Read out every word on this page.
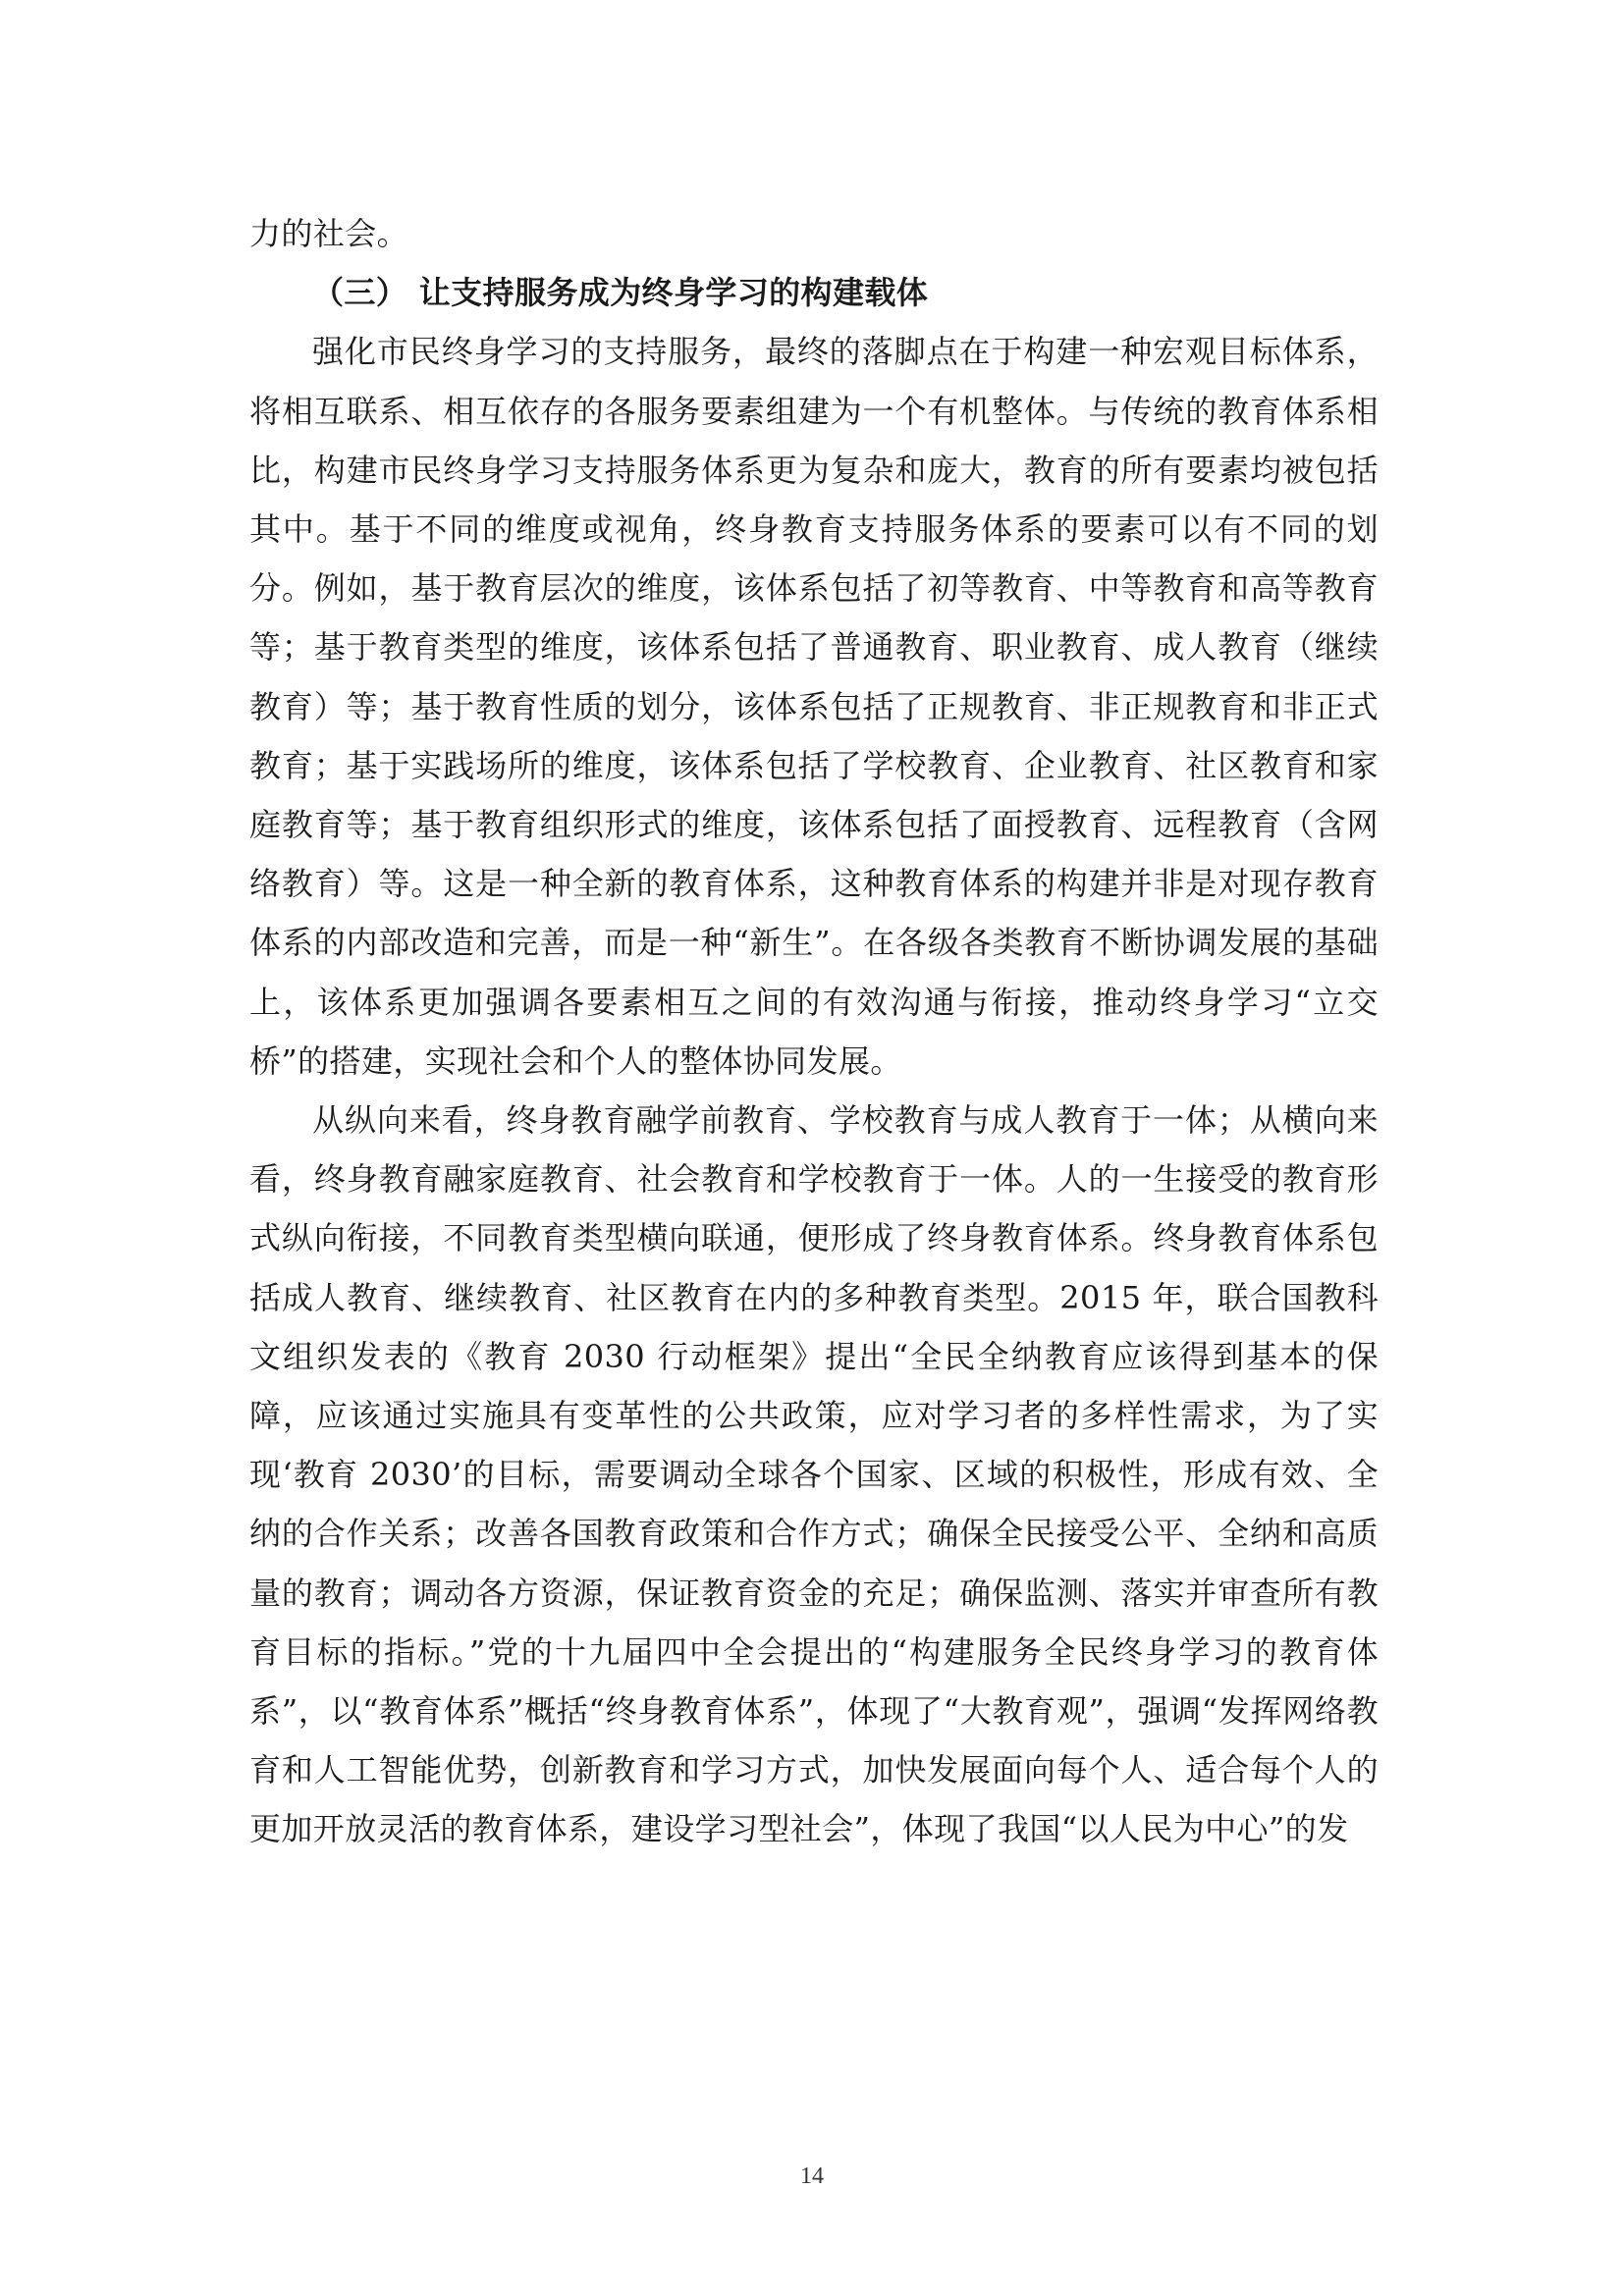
力的社会。

（三） 让支持服务成为终身学习的构建载体

强化市民终身学习的支持服务，最终的落脚点在于构建一种宏观目标体系，将相互联系、相互依存的各服务要素组建为一个有机整体。与传统的教育体系相比，构建市民终身学习支持服务体系更为复杂和庞大，教育的所有要素均被包括其中。基于不同的维度或视角，终身教育支持服务体系的要素可以有不同的划分。例如，基于教育层次的维度，该体系包括了初等教育、中等教育和高等教育等；基于教育类型的维度，该体系包括了普通教育、职业教育、成人教育（继续教育）等；基于教育性质的划分，该体系包括了正规教育、非正规教育和非正式教育；基于实践场所的维度，该体系包括了学校教育、企业教育、社区教育和家庭教育等；基于教育组织形式的维度，该体系包括了面授教育、远程教育（含网络教育）等。这是一种全新的教育体系，这种教育体系的构建并非是对现存教育体系的内部改造和完善，而是一种“新生”。在各级各类教育不断协调发展的基础上，该体系更加强调各要素相互之间的有效沟通与衔接，推动终身学习“立交桥”的搭建，实现社会和个人的整体协同发展。

从纵向来看，终身教育融学前教育、学校教育与成人教育于一体；从横向来看，终身教育融家庭教育、社会教育和学校教育于一体。人的一生接受的教育形式纵向衔接，不同教育类型横向联通，便形成了终身教育体系。终身教育体系包括成人教育、继续教育、社区教育在内的多种教育类型。2015 年，联合国教科文组织发表的《教育 2030 行动框架》提出“全民全纳教育应该得到基本的保障，应该通过实施具有变革性的公共政策，应对学习者的多样性需求，为了实现‘教育 2030’的目标，需要调动全球各个国家、区域的积极性，形成有效、全纳的合作关系；改善各国教育政策和合作方式；确保全民接受公平、全纳和高质量的教育；调动各方资源，保证教育资金的充足；确保监测、落实并审查所有教育目标的指标。”党的十九届四中全会提出的“构建服务全民终身学习的教育体系”，以“教育体系”概括“终身教育体系”，体现了“大教育观”，强调“发挥网络教育和人工智能优势，创新教育和学习方式，加快发展面向每个人、适合每个人的更加开放灵活的教育体系，建设学习型社会”，体现了我国“以人民为中心”的发

14
